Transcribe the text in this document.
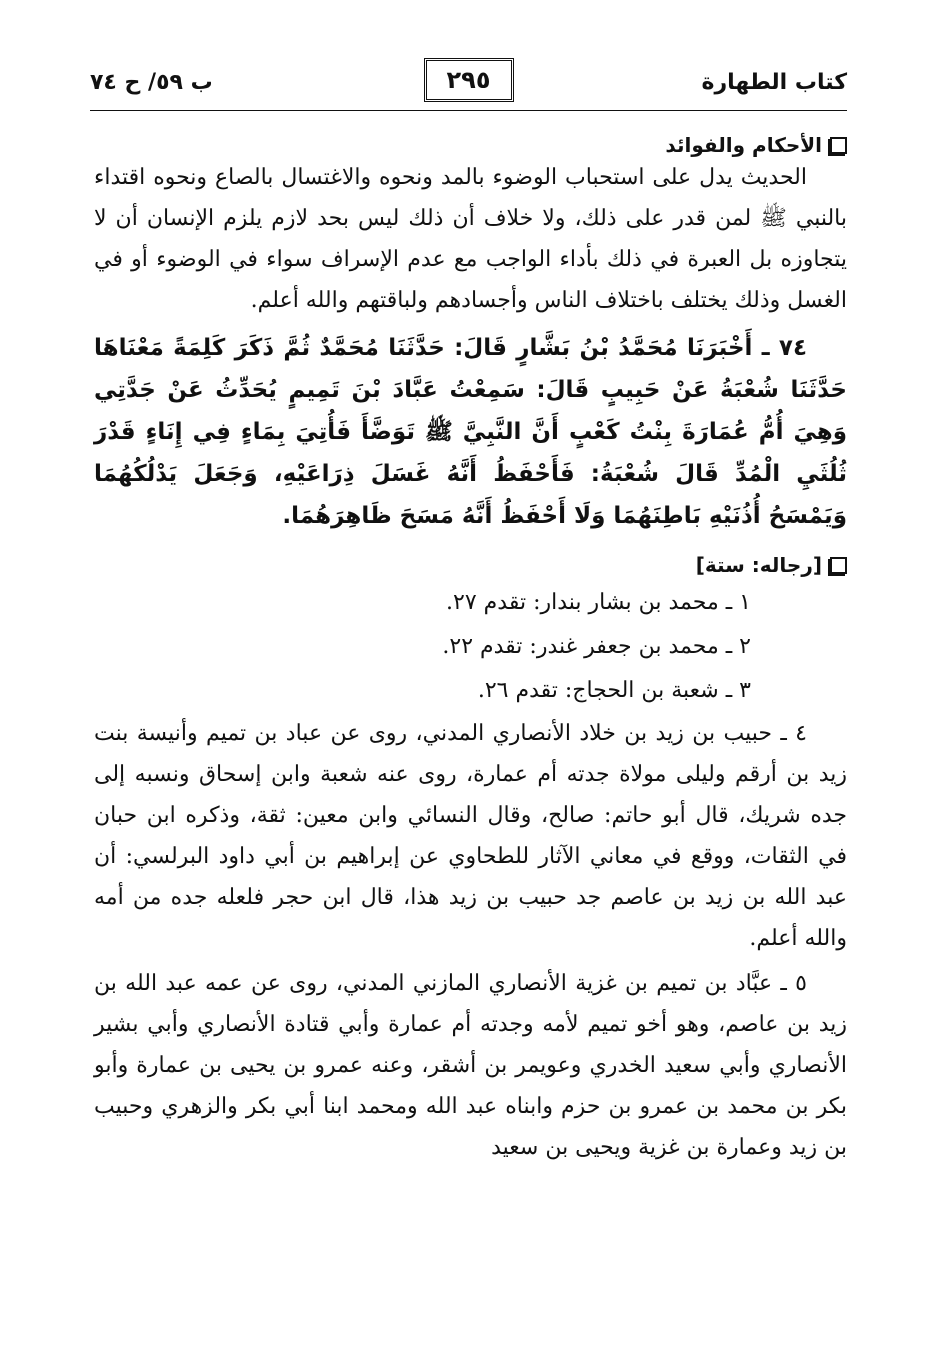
كتاب الطهارة
٢٩٥
ب ٥٩/ ح ٧٤
الأحكام والفوائد

الحديث يدل على استحباب الوضوء بالمد ونحوه والاغتسال بالصاع ونحوه اقتداء بالنبي ﷺ لمن قدر على ذلك، ولا خلاف أن ذلك ليس بحد لازم يلزم الإنسان أن لا يتجاوزه بل العبرة في ذلك بأداء الواجب مع عدم الإسراف سواء في الوضوء أو في الغسل وذلك يختلف باختلاف الناس وأجسادهم ولباقتهم والله أعلم.

٧٤ ـ أَخْبَرَنَا مُحَمَّدُ بْنُ بَشَّارٍ قَالَ: حَدَّثَنَا مُحَمَّدٌ ثُمَّ ذَكَرَ كَلِمَةً مَعْنَاهَا حَدَّثَنَا شُعْبَةُ عَنْ حَبِيبٍ قَالَ: سَمِعْتُ عَبَّادَ بْنَ تَمِيمٍ يُحَدِّثُ عَنْ جَدَّتِي وَهِيَ أُمُّ عُمَارَةَ بِنْتُ كَعْبٍ أَنَّ النَّبِيَّ ﷺ تَوَضَّأَ فَأُتِيَ بِمَاءٍ فِي إِنَاءٍ قَدْرَ ثُلُثَيِ الْمُدِّ قَالَ شُعْبَةُ: فَأَحْفَظُ أَنَّهُ غَسَلَ ذِرَاعَيْهِ، وَجَعَلَ يَدْلُكُهُمَا وَيَمْسَحُ أُذُنَيْهِ بَاطِنَهُمَا وَلَا أَحْفَظُ أَنَّهُ مَسَحَ ظَاهِرَهُمَا.

[رجاله: ستة]
١ ـ محمد بن بشار بندار: تقدم ٢٧.
٢ ـ محمد بن جعفر غندر: تقدم ٢٢.
٣ ـ شعبة بن الحجاج: تقدم ٢٦.

٤ ـ حبيب بن زيد بن خلاد الأنصاري المدني، روى عن عباد بن تميم وأنيسة بنت زيد بن أرقم وليلى مولاة جدته أم عمارة، روى عنه شعبة وابن إسحاق ونسبه إلى جده شريك، قال أبو حاتم: صالح، وقال النسائي وابن معين: ثقة، وذكره ابن حبان في الثقات، ووقع في معاني الآثار للطحاوي عن إبراهيم بن أبي داود البرلسي: أن عبد الله بن زيد بن عاصم جد حبيب بن زيد هذا، قال ابن حجر فلعله جده من أمه والله أعلم.

٥ ـ عبَّاد بن تميم بن غزية الأنصاري المازني المدني، روى عن عمه عبد الله بن زيد بن عاصم، وهو أخو تميم لأمه وجدته أم عمارة وأبي قتادة الأنصاري وأبي بشير الأنصاري وأبي سعيد الخدري وعويمر بن أشقر، وعنه عمرو بن يحيى بن عمارة وأبو بكر بن محمد بن عمرو بن حزم وابناه عبد الله ومحمد ابنا أبي بكر والزهري وحبيب بن زيد وعمارة بن غزية ويحيى بن سعيد
